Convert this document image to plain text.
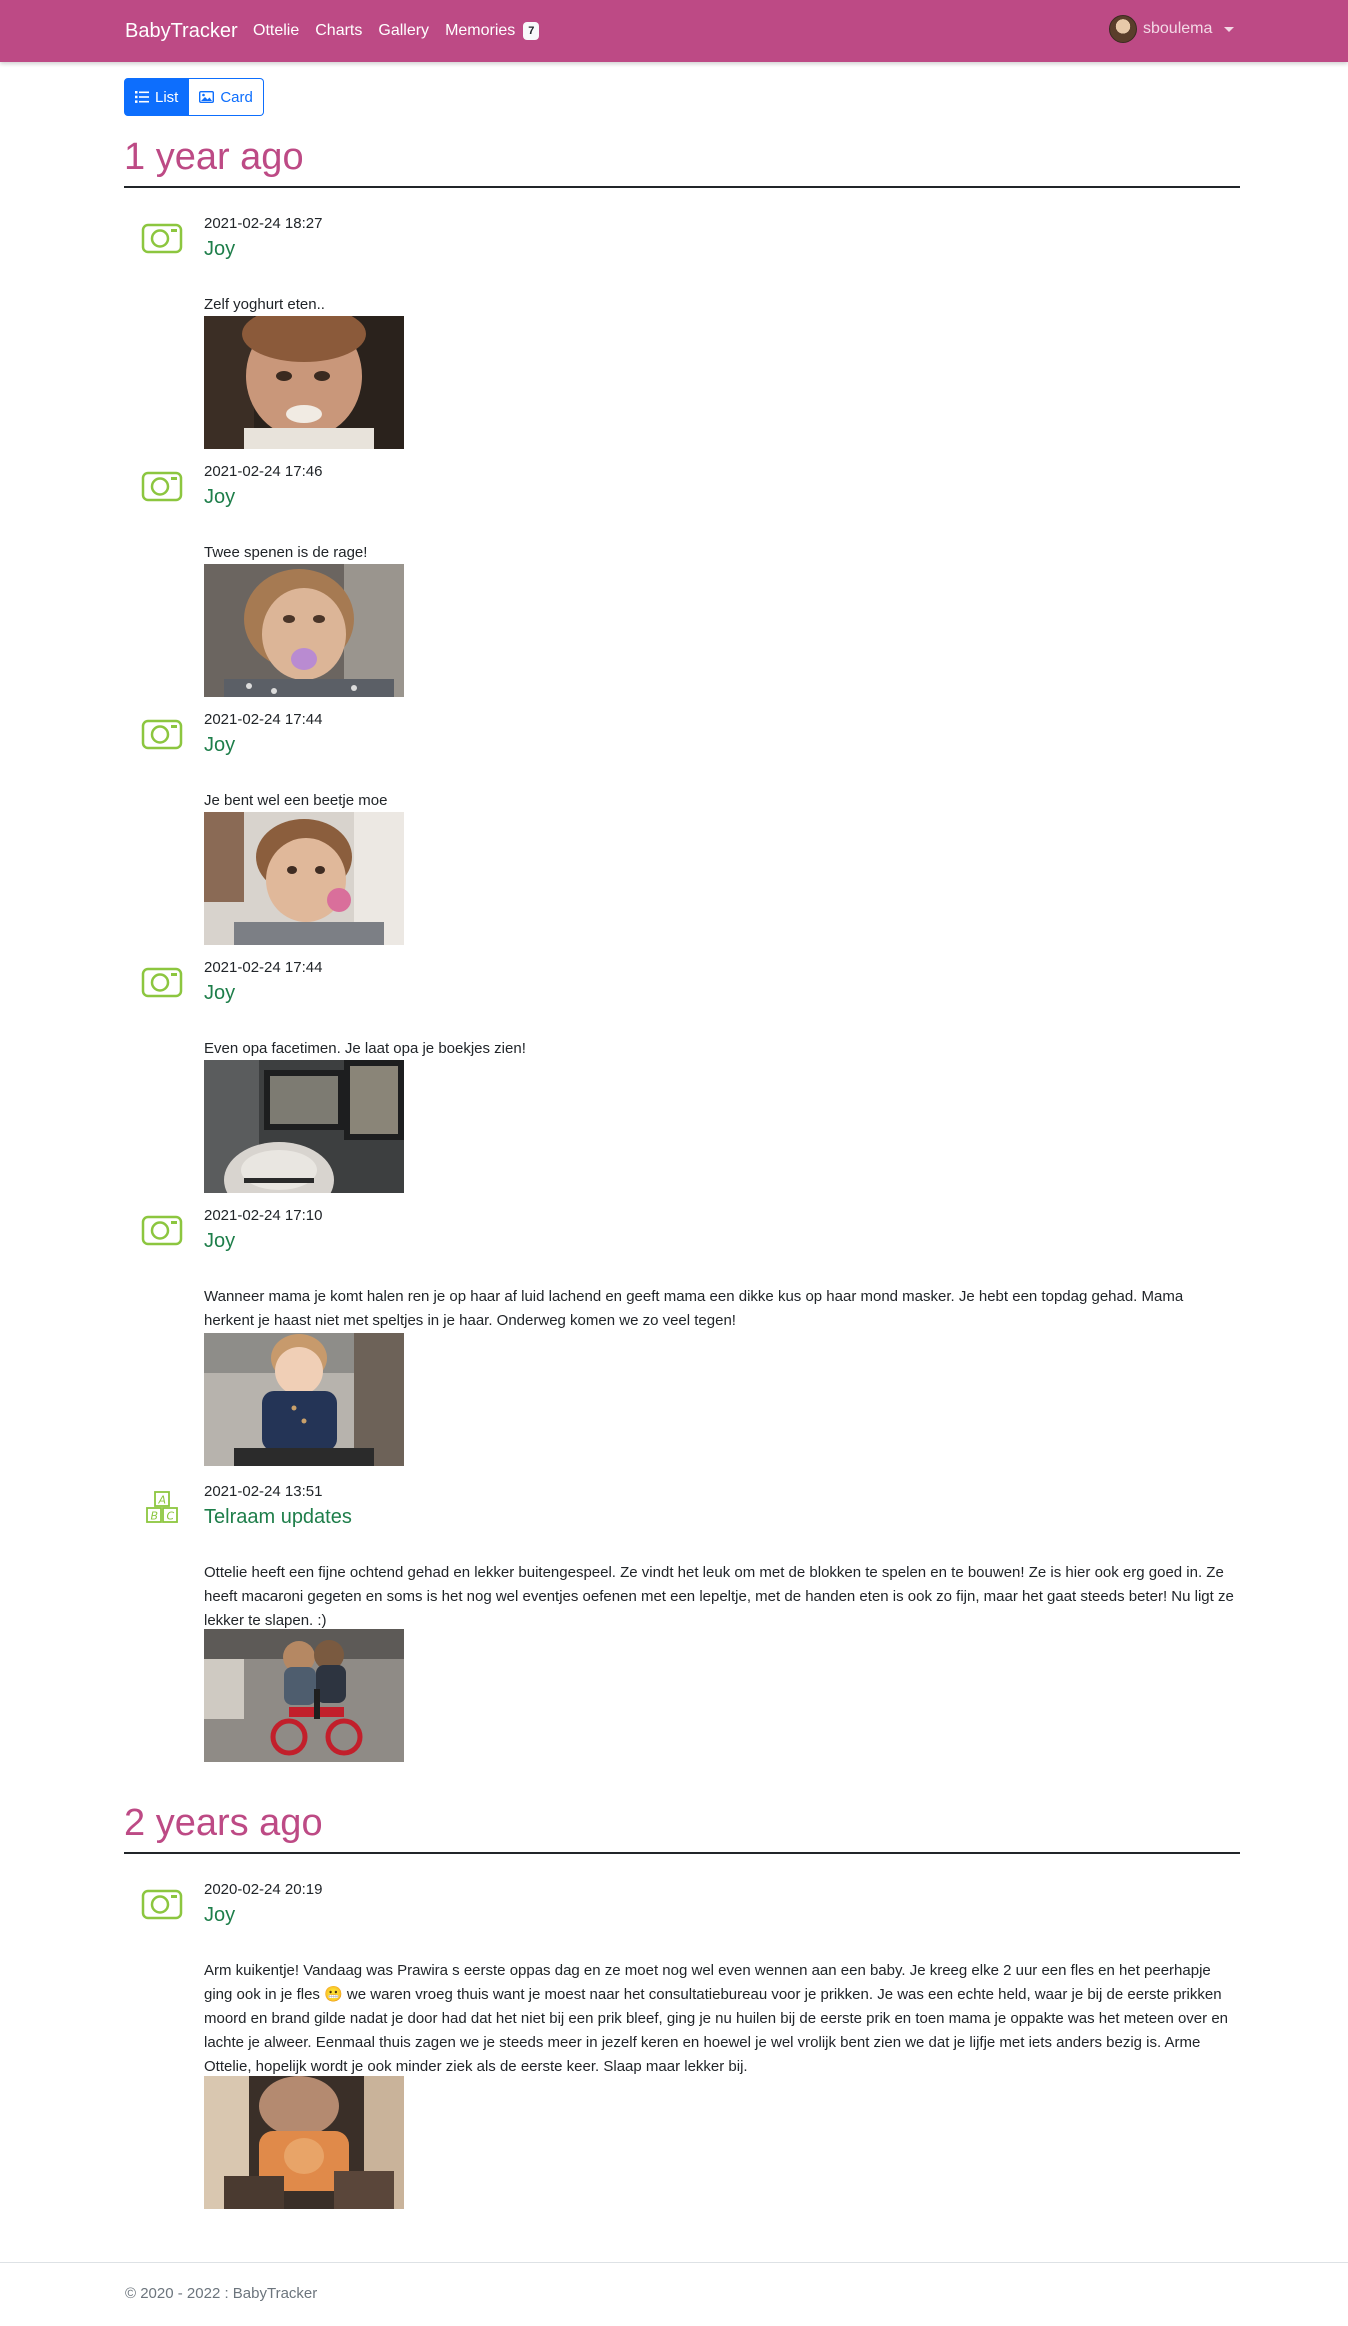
BabyTracker Ottelie Charts Gallery Memories	7	sboulema
List	Card
1 year ago
2021-02-24 18:27
Joy
Zelf yoghurt eten..
2021-02-24 17:46
Joy
Twee spenen is de rage!
2021-02-24 17:44
Joy
Je bent wel een beetje moe
2021-02-24 17:44
Joy
Even opa facetimen. Je laat opa je boekjes zien!
2021-02-24 17:10
Joy
Wanneer mama je komt halen ren je op haar af luid lachend en geeft mama een dikke kus op haar mond masker. Je hebt een topdag gehad. Mama herkent je haast niet met speltjes in je haar. Onderweg komen we zo veel tegen!
A
B C
2021-02-24 13:51
Telraam updates
Ottelie heeft een fijne ochtend gehad en lekker buitengespeel. Ze vindt het leuk om met de blokken te spelen en te bouwen! Ze is hier ook erg goed in. Ze heeft macaroni gegeten en soms is het nog wel eventjes oefenen met een lepeltje, met de handen eten is ook zo fijn, maar het gaat steeds beter! Nu ligt ze lekker te slapen. :)
2 years ago
2020-02-24 20:19
Joy
Arm kuikentje! Vandaag was Prawira s eerste oppas dag en ze moet nog wel even wennen aan een baby. Je kreeg elke 2 uur een fles en het peerhapje ging ook in je fles 😬 we waren vroeg thuis want je moest naar het consultatiebureau voor je prikken. Je was een echte held, waar je bij de eerste prikken moord en brand gilde nadat je door had dat het niet bij een prik bleef, ging je nu huilen bij de eerste prik en toen mama je oppakte was het meteen over en lachte je alweer. Eenmaal thuis zagen we je steeds meer in jezelf keren en hoewel je wel vrolijk bent zien we dat je lijfje met iets anders bezig is. Arme Ottelie, hopelijk wordt je ook minder ziek als de eerste keer. Slaap maar lekker bij.
© 2020 - 2022 : BabyTracker
